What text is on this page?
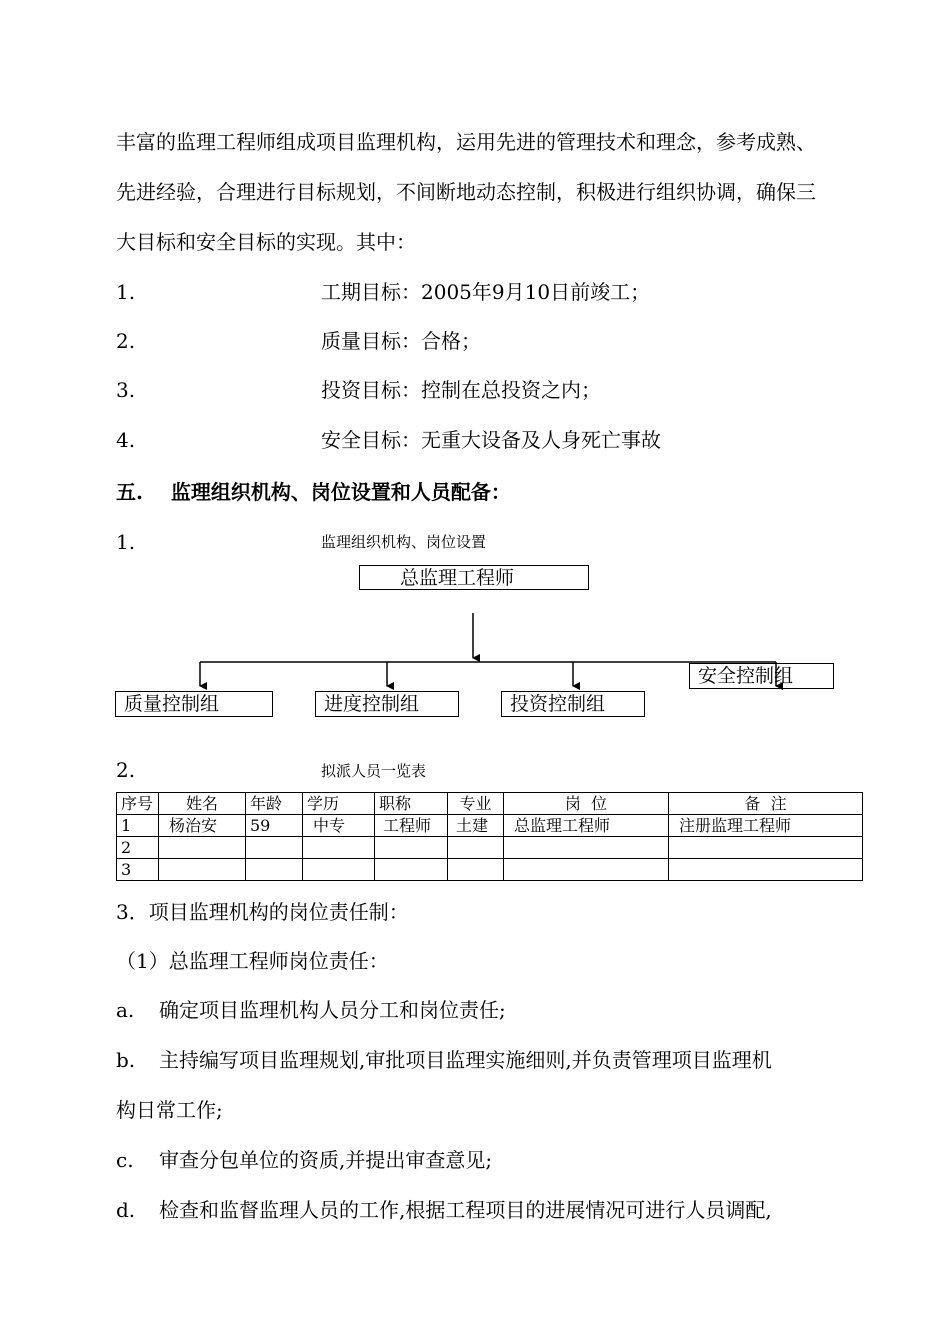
丰富的监理工程师组成项目监理机构，运用先进的管理技术和理念，参考成熟、
先进经验，合理进行目标规划，不间断地动态控制，积极进行组织协调，确保三
大目标和安全目标的实现。其中：
1.	工期目标：2005年9月10日前竣工；
2.	质量目标：合格；
3.	投资目标：控制在总投资之内；
4.	安全目标：无重大设备及人身死亡事故
五.    监理组织机构、岗位设置和人员配备：
1.	监理组织机构、岗位设置
总监理工程师
质量控制组	进度控制组	投资控制组
安全控制组
2.	拟派人员一览表
序号	姓名	年龄	学历	职称	专业	岗  位	备  注
1	杨治安	59	中专	工程师	土建	总监理工程师	注册监理工程师
2							
3							
3．项目监理机构的岗位责任制：
（1）总监理工程师岗位责任：
a. 确定项目监理机构人员分工和岗位责任;
b. 主持编写项目监理规划,审批项目监理实施细则,并负责管理项目监理机
构日常工作;
c. 审查分包单位的资质,并提出审查意见;
d. 检查和监督监理人员的工作,根据工程项目的进展情况可进行人员调配,
